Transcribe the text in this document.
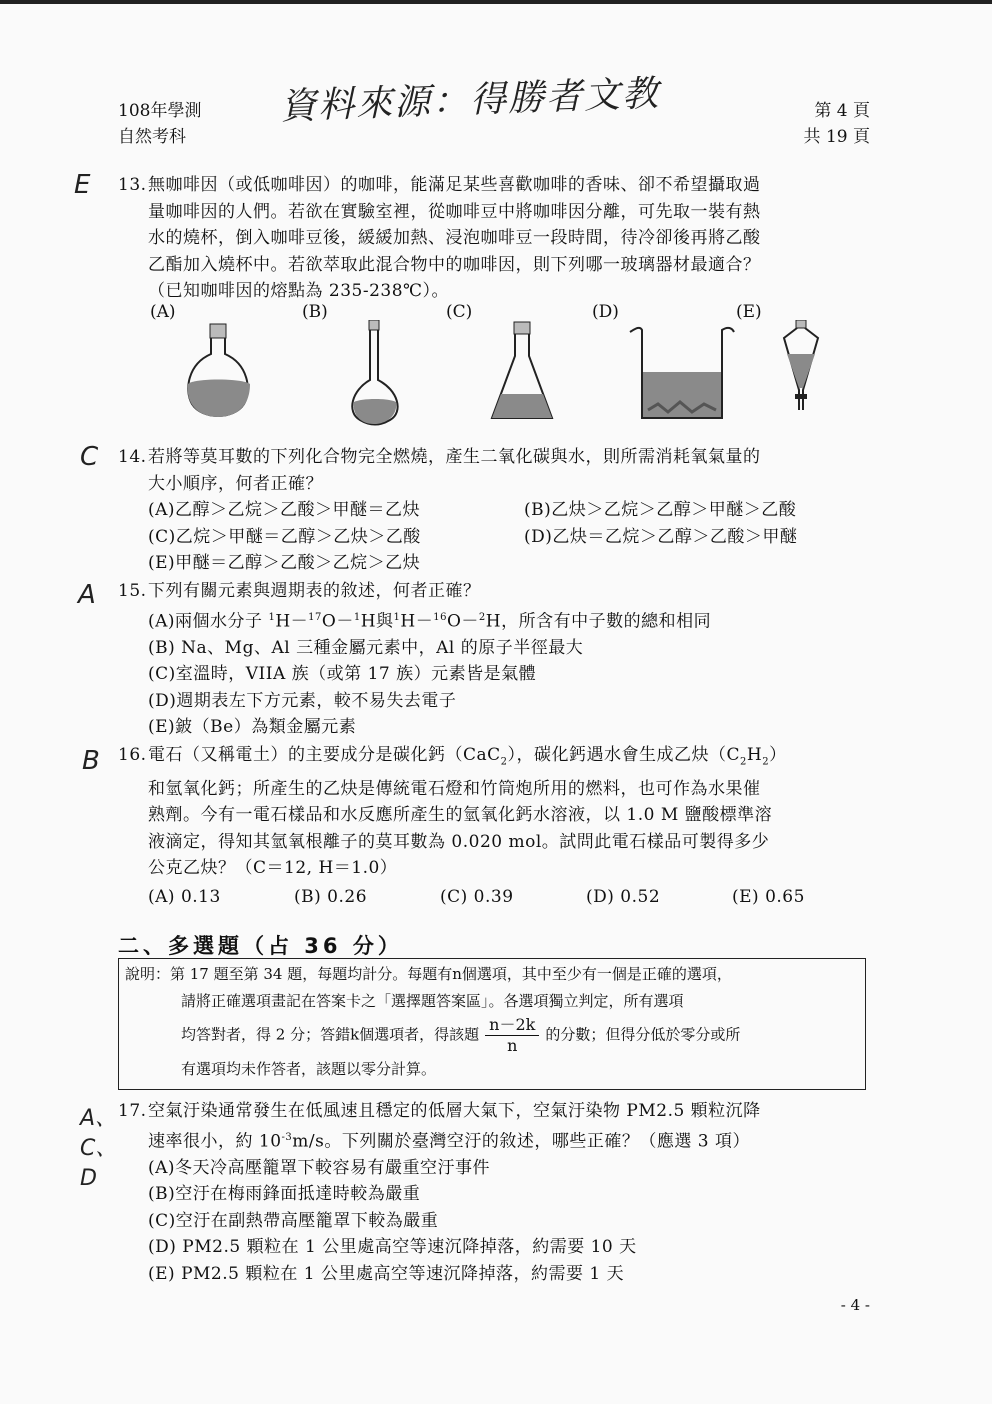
108年學測
自然考科
資料來源：得勝者文教	第 4 頁
共 19 頁
E
C
A
B
A、C、D
13.無咖啡因（或低咖啡因）的咖啡，能滿足某些喜歡咖啡的香味、卻不希望攝取過
量咖啡因的人們。若欲在實驗室裡，從咖啡豆中將咖啡因分離，可先取一裝有熱
水的燒杯，倒入咖啡豆後，緩緩加熱、浸泡咖啡豆一段時間，待冷卻後再將乙酸
乙酯加入燒杯中。若欲萃取此混合物中的咖啡因，則下列哪一玻璃器材最適合？
（已知咖啡因的熔點為 235-238℃）。
(A)	(B)	(C)	(D)	(E)
14.若將等莫耳數的下列化合物完全燃燒，產生二氧化碳與水，則所需消耗氧氣量的
大小順序，何者正確？
(A)乙醇＞乙烷＞乙酸＞甲醚＝乙炔	(B)乙炔＞乙烷＞乙醇＞甲醚＞乙酸
(C)乙烷＞甲醚＝乙醇＞乙炔＞乙酸	(D)乙炔＝乙烷＞乙醇＞乙酸＞甲醚
(E)甲醚＝乙醇＞乙酸＞乙烷＞乙炔
15.下列有關元素與週期表的敘述，何者正確？
(A)兩個水分子 $^1$H－$^{17}$O－$^1$H與$^1$H－$^{16}$O－$^2$H，所含有中子數的總和相同
(B) Na、Mg、Al 三種金屬元素中，Al 的原子半徑最大
(C)室溫時，VIIA 族（或第 17 族）元素皆是氣體
(D)週期表左下方元素，較不易失去電子
(E)鈹（Be）為類金屬元素
16.電石（又稱電土）的主要成分是碳化鈣（CaC$_2$），碳化鈣遇水會生成乙炔$(C_2H_2)$
和氫氧化鈣；所產生的乙炔是傳統電石燈和竹筒炮所用的燃料，也可作為水果催
熟劑。今有一電石樣品和水反應所產生的氫氧化鈣水溶液，以 1.0 M 鹽酸標準溶
液滴定，得知其氫氧根離子的莫耳數為 0.020 mol。試問此電石樣品可製得多少
公克乙炔？（C＝12, H＝1.0）
(A) 0.13	(B) 0.26	(C) 0.39	(D) 0.52	(E) 0.65
二、多選題（占 36 分）
說明：第 17 題至第 34 題，每題均計分。每題有n個選項，其中至少有一個是正確的選項，
請將正確選項畫記在答案卡之「選擇題答案區」。各選項獨立判定，所有選項
均答對者，得 2 分；答錯k個選項者，得該題 $\frac{n-2k}{n}$ 的分數；但得分低於零分或所
有選項均未作答者，該題以零分計算。
17.空氣汙染通常發生在低風速且穩定的低層大氣下，空氣汙染物 PM2.5 顆粒沉降
速率很小，約 $10^{-3}m/s$。下列關於臺灣空汙的敘述，哪些正確？（應選 3 項）
(A)冬天冷高壓籠罩下較容易有嚴重空汙事件
(B)空汙在梅雨鋒面抵達時較為嚴重
(C)空汙在副熱帶高壓籠罩下較為嚴重
(D) PM2.5 顆粒在 1 公里處高空等速沉降掉落，約需要 10 天
(E) PM2.5 顆粒在 1 公里處高空等速沉降掉落，約需要 1 天
- 4 -
